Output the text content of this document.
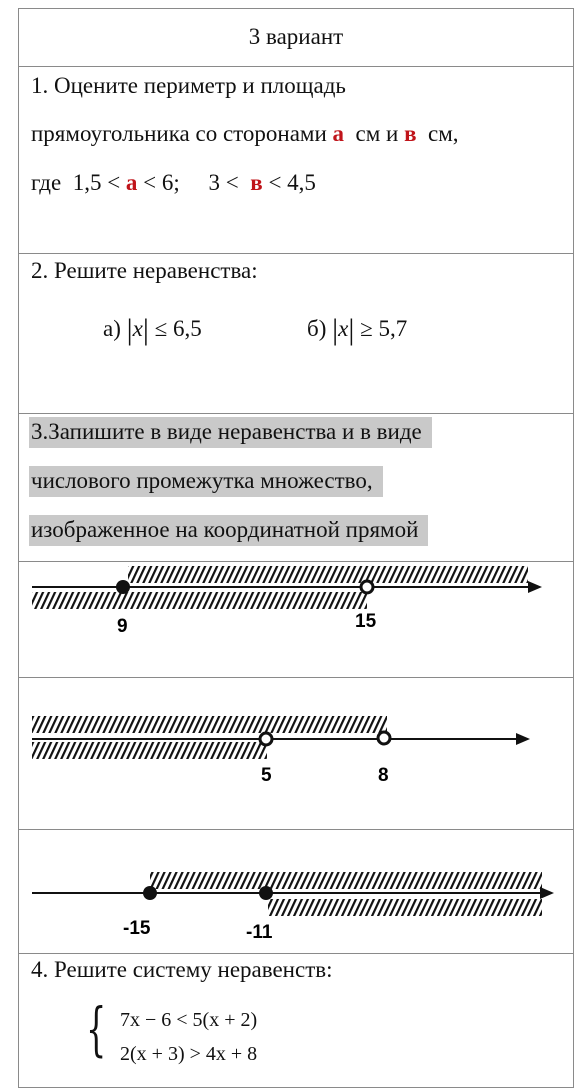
3 вариант
1. Оцените периметр и площадь
прямоугольника со сторонами а  см и в  см,
где  1,5 < а < 6;     3 <  в < 4,5
2. Решите неравенства:
а) |x| ≤ 6,5	б) |x| ≥ 5,7
3.Запишите в виде неравенства и в виде
числового промежутка множество,
изображенное на координатной прямой
9	15
5	8
-15	-11
4. Решите систему неравенств:
{ 7x − 6 < 5(x + 2)
2(x + 3) > 4x + 8
